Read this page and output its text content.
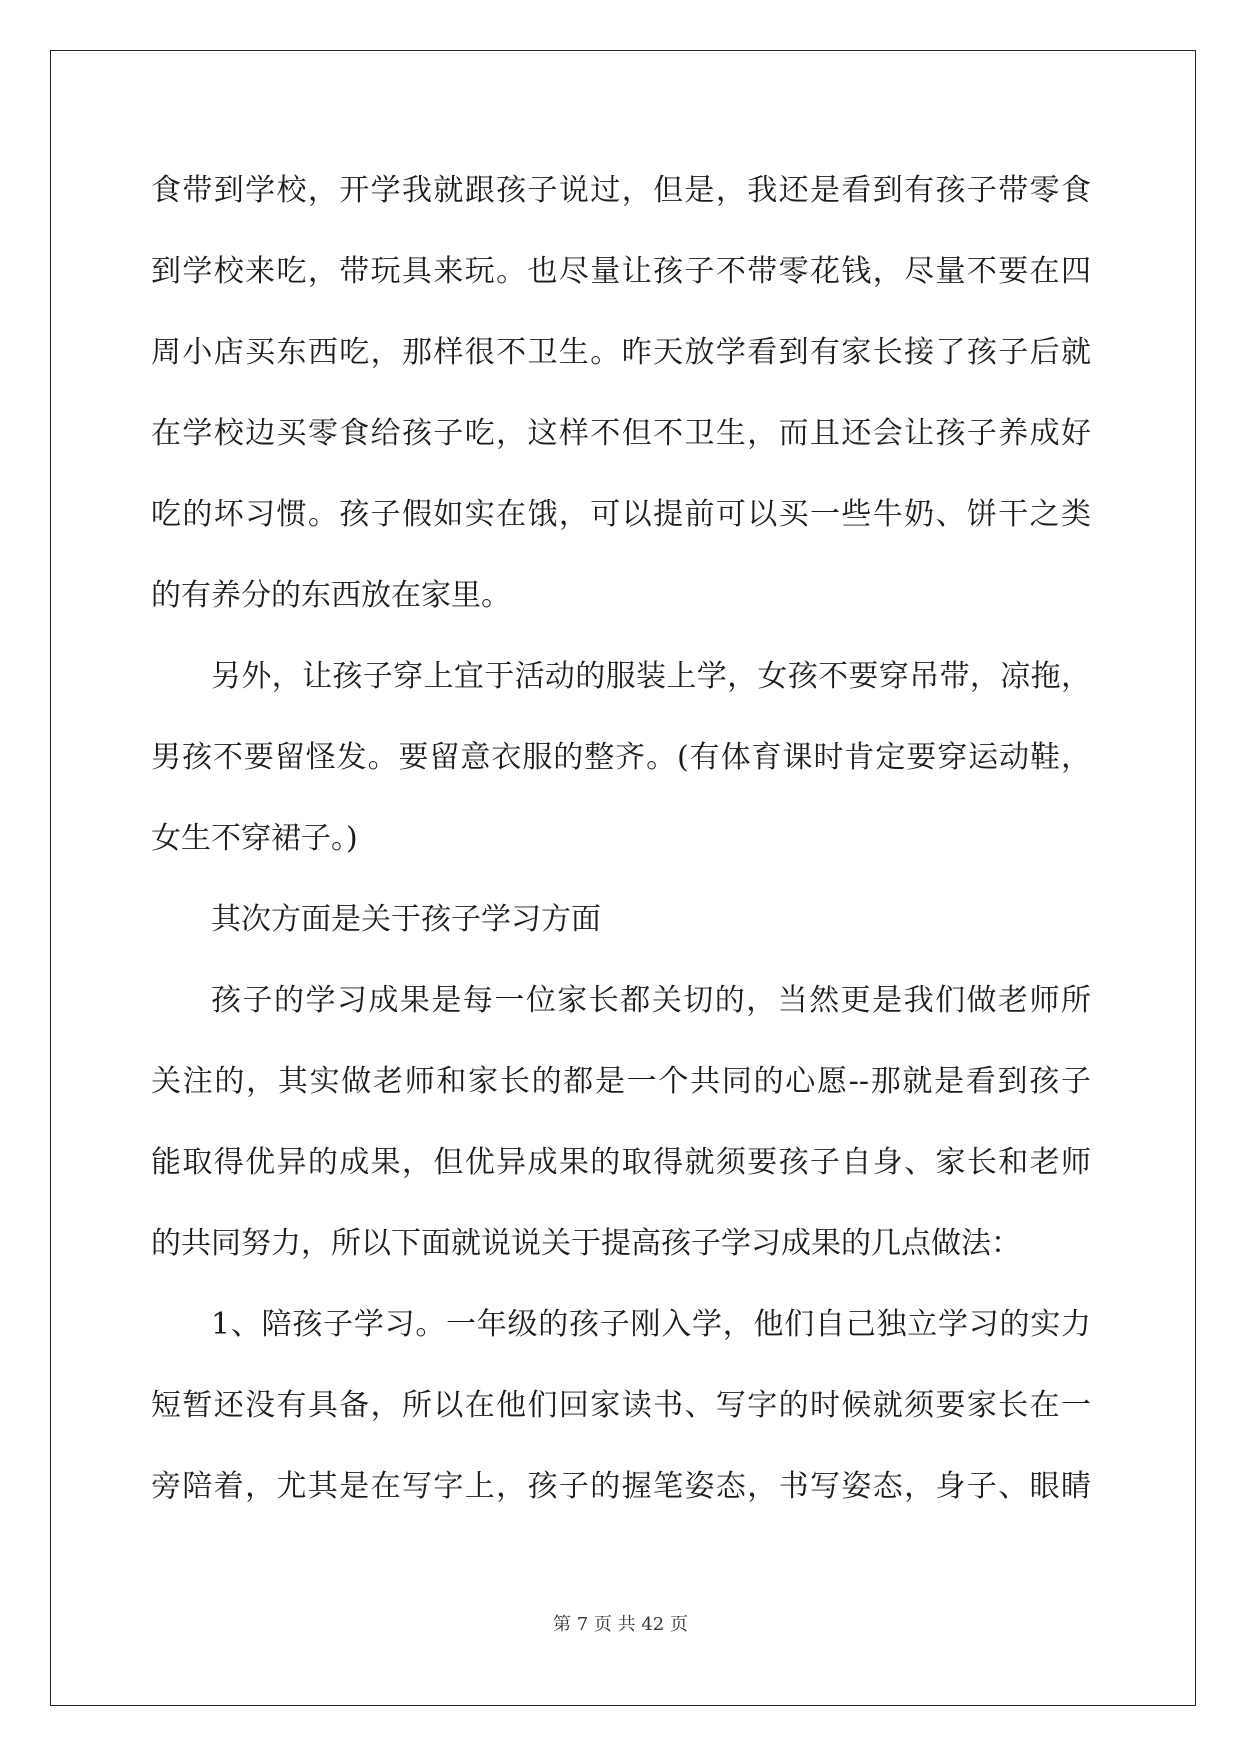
食带到学校，开学我就跟孩子说过，但是，我还是看到有孩子带零食
到学校来吃，带玩具来玩。也尽量让孩子不带零花钱，尽量不要在四
周小店买东西吃，那样很不卫生。昨天放学看到有家长接了孩子后就
在学校边买零食给孩子吃，这样不但不卫生，而且还会让孩子养成好
吃的坏习惯。孩子假如实在饿，可以提前可以买一些牛奶、饼干之类
的有养分的东西放在家里。
另外，让孩子穿上宜于活动的服装上学，女孩不要穿吊带，凉拖，
男孩不要留怪发。要留意衣服的整齐。(有体育课时肯定要穿运动鞋，
女生不穿裙子。)
其次方面是关于孩子学习方面
孩子的学习成果是每一位家长都关切的，当然更是我们做老师所
关注的，其实做老师和家长的都是一个共同的心愿--那就是看到孩子
能取得优异的成果，但优异成果的取得就须要孩子自身、家长和老师
的共同努力，所以下面就说说关于提高孩子学习成果的几点做法：
1、陪孩子学习。一年级的孩子刚入学，他们自己独立学习的实力
短暂还没有具备，所以在他们回家读书、写字的时候就须要家长在一
旁陪着，尤其是在写字上，孩子的握笔姿态，书写姿态，身子、眼睛
第 7 页 共 42 页
